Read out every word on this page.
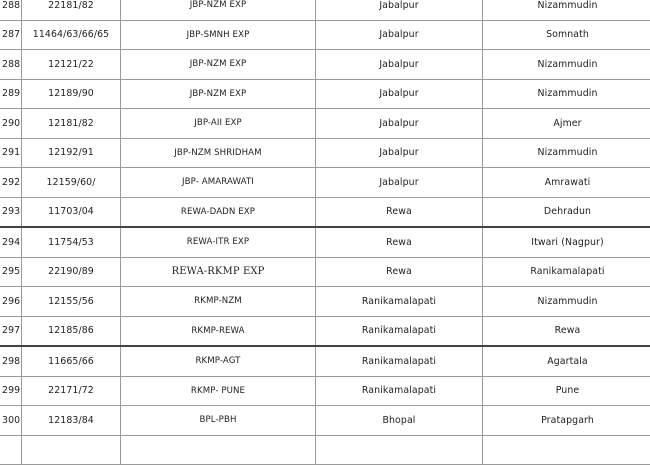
288	22181/82	JBP-NZM EXP	Jabalpur	Nizammudin
287	11464/63/66/65	JBP-SMNH EXP	Jabalpur	Somnath
288	12121/22	JBP-NZM EXP	Jabalpur	Nizammudin
289	12189/90	JBP-NZM EXP	Jabalpur	Nizammudin
290	12181/82	JBP-AII EXP	Jabalpur	Ajmer
291	12192/91	JBP-NZM SHRIDHAM	Jabalpur	Nizammudin
292	12159/60/	JBP- AMARAWATI	Jabalpur	Amrawati
293	11703/04	REWA-DADN EXP	Rewa	Dehradun
294	11754/53	REWA-ITR EXP	Rewa	Itwari (Nagpur)
295	22190/89	REWA-RKMP EXP	Rewa	Ranikamalapati
296	12155/56	RKMP-NZM	Ranikamalapati	Nizammudin
297	12185/86	RKMP-REWA	Ranikamalapati	Rewa
298	11665/66	RKMP-AGT	Ranikamalapati	Agartala
299	22171/72	RKMP- PUNE	Ranikamalapati	Pune
300	12183/84	BPL-PBH	Bhopal	Pratapgarh
